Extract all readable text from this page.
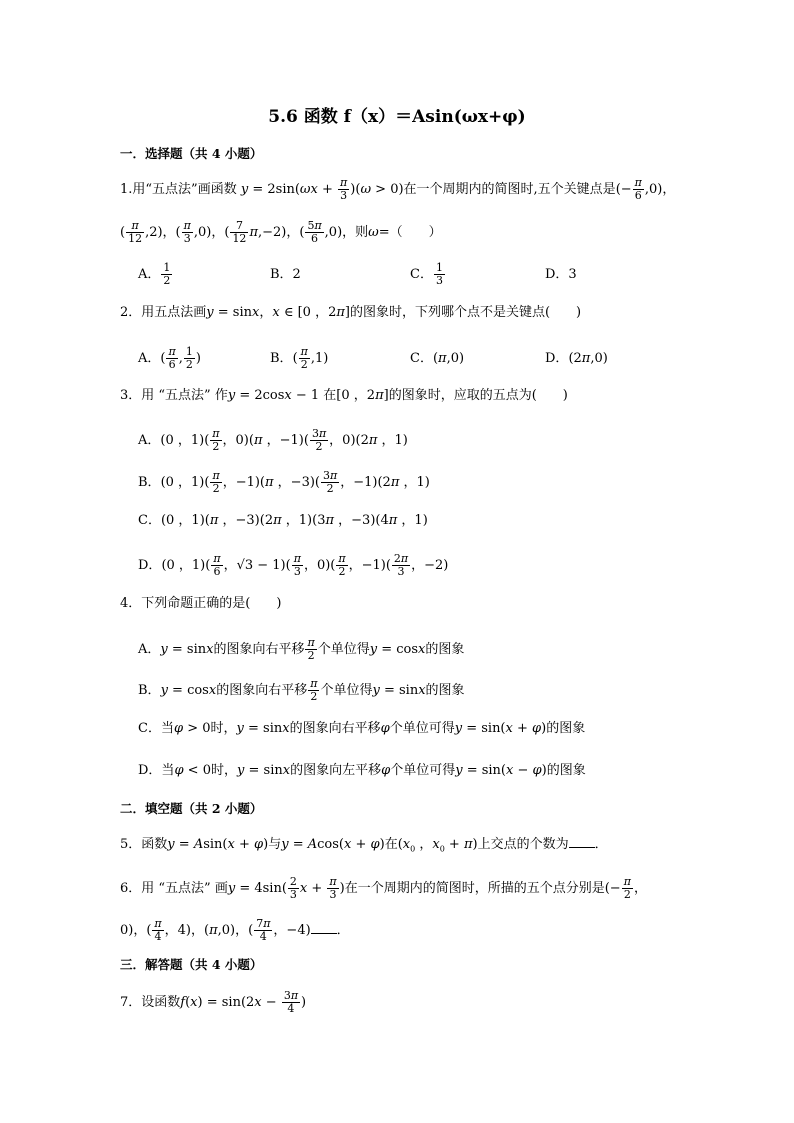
5.6 函数 f（x）＝Asin(ωx+φ)
一．选择题（共 4 小题）
1.用“五点法”画函数 $y = 2\sin(\omega x + \frac{\pi}{3} )(\omega > 0)$在一个周期内的简图时,五个关键点是(− $\frac{\pi}{6} ,0$)，
( $\frac{\pi}{12} ,2$)，( $\frac{\pi}{3} ,0$)，( $\frac{7}{12} \pi,-2$)，( $\frac{5\pi}{6} ,0$)，则ω=（　　）
A． $\frac{1}{2}$	B．2	C． $\frac{1}{3}$	D．3
2．用五点法画y = sinx，x ∈ [0 ，2π]的图象时，下列哪个点不是关键点(　　)
A．( $\frac{\pi}{6}$ , $\frac{1}{2}$ )	B．( $\frac{\pi}{2} ,1$)	C．(π,0)	D．(2π,0)
3．用 “五点法” 作y = 2cosx − 1 在[0 ，2π]的图象时，应取的五点为(　　)
A．(0 ，$1)( \frac{\pi}{2}$ ，0)(π ，$-1)( \frac{3\pi}{2}$ ，0)(2π ，1)
B．(0 ，$1)( \frac{\pi}{2}$ ，−1)(π ，$-3)( \frac{3\pi}{2}$ ，−1)(2π ，1)
C．(0 ，1)(π ，−3)(2π ，1)(3π ，−3)(4π ，1)
D．(0 ，$1)( \frac{\pi}{6}$ ，$√3 - 1)( \frac{\pi}{3}$ ，$0)( \frac{\pi}{2}$ ，$-1)( \frac{2\pi}{3}$ ，−2)
4．下列命题正确的是(　　)
A．y = sinx的图象向右平移 $\frac{\pi}{2}$ 个单位得y = cosx的图象
B．y = cosx的图象向右平移 $\frac{\pi}{2}$ 个单位得y = sinx的图象
C．当φ > 0时，y = sinx的图象向右平移φ个单位可得y = sin(x + φ)的图象
D．当φ < 0时，y = sinx的图象向左平移φ个单位可得y = sin(x − φ)的图象
二．填空题（共 2 小题）
5．函数y = Asin(x + φ)与y = Acos(x + φ)在($x_0$ ，$x_0 + \pi$)上交点的个数为 ．
6．用 “五点法” 画$y = 4\sin( \frac{2}{3}$ $x + \frac{\pi}{3}$ )在一个周期内的简图时，所描的五个点分别是(− $\frac{\pi}{2}$ ，
0)，( $\frac{\pi}{4}$ ，4)，(π,0)，( $\frac{7\pi}{4}$ ，−4) ．
三．解答题（共 4 小题）
7．设函数$f(x) = \sin(2x - \frac{3\pi}{4}$ )
